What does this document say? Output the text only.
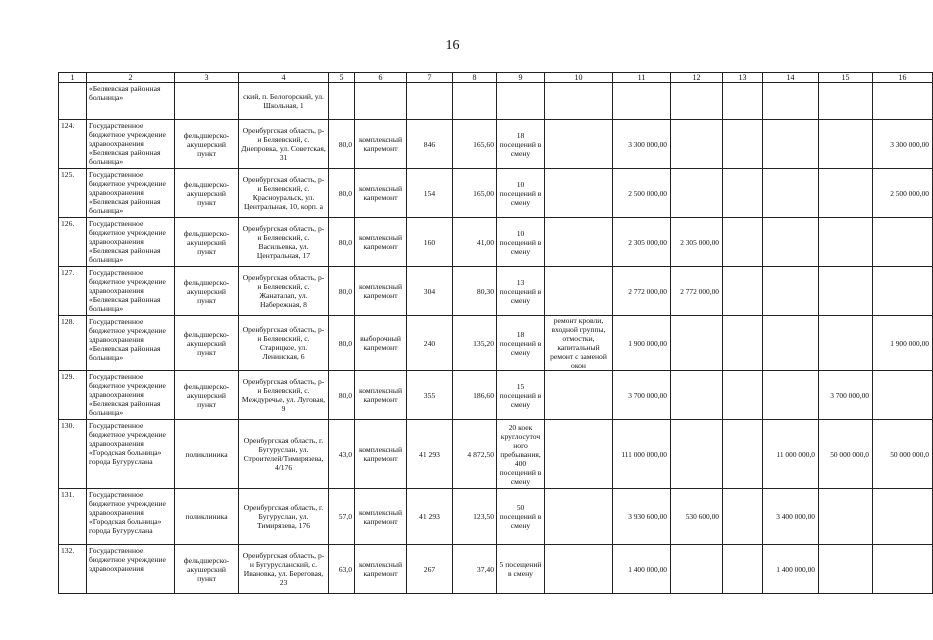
16
1	2	3	4	5	6	7	8	9	10	11	12	13	14	15	16
	«Беляевская районная больница»		ский, п. Белогорский, ул. Школьная, 1												
124.	Государственное бюджетное учреждение здравоохранения «Беляевская районная больница»	фельдшерско-акушерский пункт	Оренбургская область, р-н Беляевский, с. Днепровка, ул. Советская, 31	80,0	комплексный капремонт	846	165,60	18 посещений в смену		3 300 000,00					3 300 000,00
125.	Государственное бюджетное учреждение здравоохранения «Беляевская районная больница»	фельдшерско-акушерский пункт	Оренбургская область, р-н Беляевский, с. Красноуральск, ул. Центральная, 10, корп. а	80,0	комплексный капремонт	154	165,00	10 посещений в смену		2 500 000,00					2 500 000,00
126.	Государственное бюджетное учреждение здравоохранения «Беляевская районная больница»	фельдшерско-акушерский пункт	Оренбургская область, р-н Беляевский, с. Васильевка, ул. Центральная, 17	80,0	комплексный капремонт	160	41,00	10 посещений в смену		2 305 000,00	2 305 000,00				
127.	Государственное бюджетное учреждение здравоохранения «Беляевская районная больница»	фельдшерско-акушерский пункт	Оренбургская область, р-н Беляевский, с. Жанаталап, ул. Набережная, 8	80,0	комплексный капремонт	304	80,30	13 посещений в смену		2 772 000,00	2 772 000,00				
128.	Государственное бюджетное учреждение здравоохранения «Беляевская районная больница»	фельдшерско-акушерский пункт	Оренбургская область, р-н Беляевский, с. Старицкое, ул. Ленинская, 6	80,0	выборочный капремонт	240	135,20	18 посещений в смену	ремонт кровли, входной группы, отмостки, капитальный ремонт с заменой окон	1 900 000,00					1 900 000,00
129.	Государственное бюджетное учреждение здравоохранения «Беляевская районная больница»	фельдшерско-акушерский пункт	Оренбургская область, р-н Беляевский, с. Междуречье, ул. Луговая, 9	80,0	комплексный капремонт	355	186,60	15 посещений в смену		3 700 000,00				3 700 000,00	
130.	Государственное бюджетное учреждение здравоохранения «Городская больница» города Бугуруслана	поликлиника	Оренбургская область, г. Бугуруслан, ул. Строителей/Тимирязева, 4/176	43,0	комплексный капремонт	41 293	4 872,50	20 коек круглосуточного пребывания, 400 посещений в смену		111 000 000,00			11 000 000,0	50 000 000,0	50 000 000,0
131.	Государственное бюджетное учреждение здравоохранения «Городская больница» города Бугуруслана	поликлиника	Оренбургская область, г. Бугуруслан, ул. Тимирязева, 176	57,0	комплексный капремонт	41 293	123,50	50 посещений в смену		3 930 600,00	530 600,00		3 400 000,00		
132.	Государственное бюджетное учреждение здравоохранения	фельдшерско-акушерский пункт	Оренбургская область, р-н Бугурусланский, с. Ивановка, ул. Береговая, 23	63,0	комплексный капремонт	267	37,40	5 посещений в смену		1 400 000,00			1 400 000,00		
